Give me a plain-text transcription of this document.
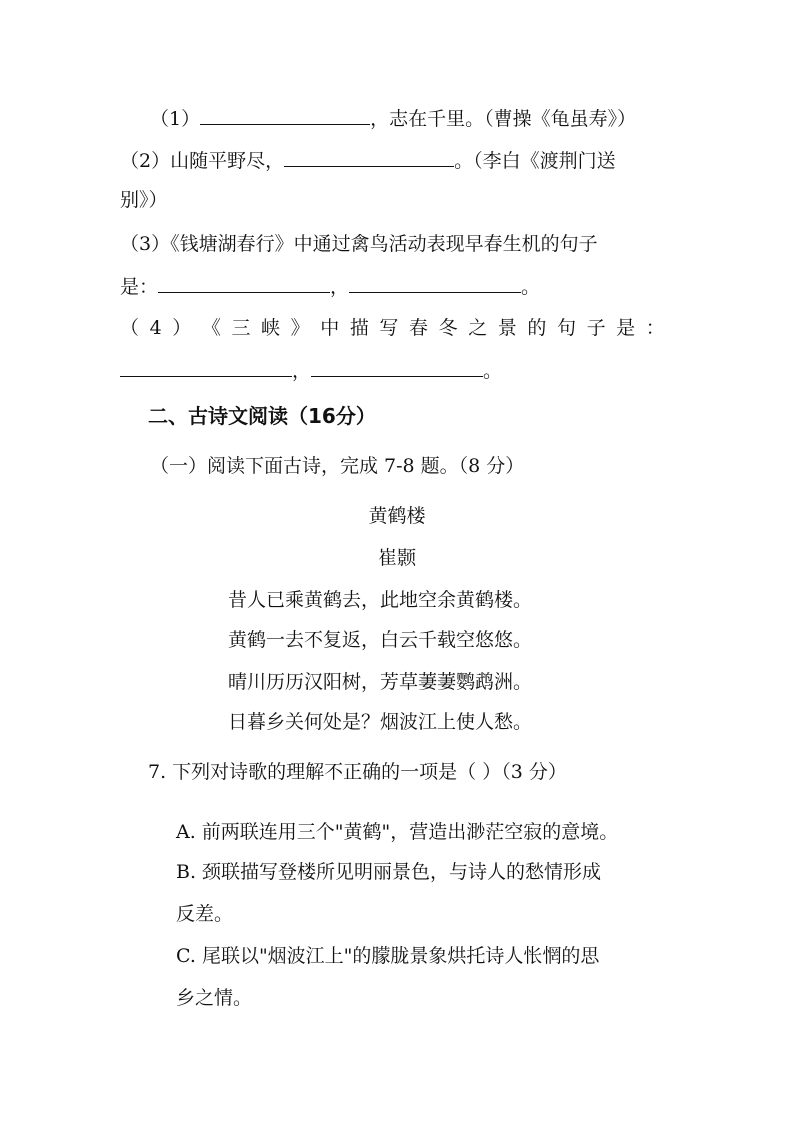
（1）	，志在千里。（曹操《龟虽寿》）
（2）山随平野尽，	。（李白《渡荆门送
别》）
（3）《钱塘湖春行》中通过禽鸟活动表现早春生机的句子
是：	，	。
（ 4 ） 《 三 峡 》 中 描 写 春 冬 之 景 的 句 子 是 ：
，	。
二、古诗文阅读（16分）
（一）阅读下面古诗，完成 7-8 题。（8 分）
黄鹤楼
崔颢
昔人已乘黄鹤去，此地空余黄鹤楼。
黄鹤一去不复返，白云千载空悠悠。
晴川历历汉阳树，芳草萋萋鹦鹉洲。
日暮乡关何处是？烟波江上使人愁。
7. 下列对诗歌的理解不正确的一项是（ ）（3 分）
A. 前两联连用三个"黄鹤"，营造出渺茫空寂的意境。
B. 颈联描写登楼所见明丽景色，与诗人的愁情形成
反差。
C. 尾联以"烟波江上"的朦胧景象烘托诗人怅惘的思
乡之情。
